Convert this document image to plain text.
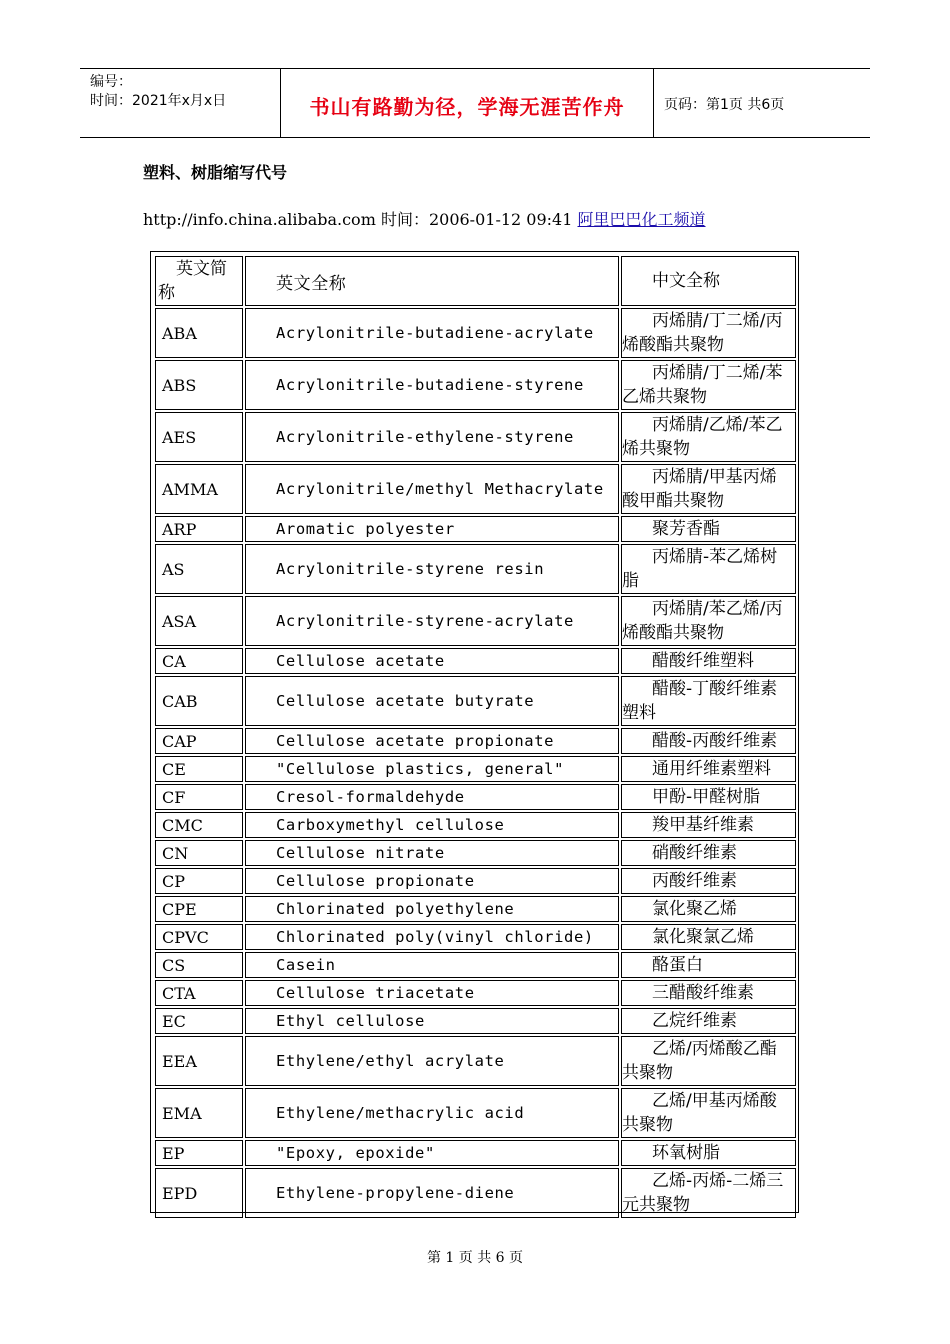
编号：
时间：2021年x月x日	书山有路勤为径，学海无涯苦作舟	页码：第1页 共6页
塑料、树脂缩写代号
http://info.china.alibaba.com 时间：2006-01-12 09:41 阿里巴巴化工频道
英文简称	英文全称	中文全称
ABA	Acrylonitrile-butadiene-acrylate	丙烯腈/丁二烯/丙烯酸酯共聚物
ABS	Acrylonitrile-butadiene-styrene	丙烯腈/丁二烯/苯乙烯共聚物
AES	Acrylonitrile-ethylene-styrene	丙烯腈/乙烯/苯乙烯共聚物
AMMA	Acrylonitrile/methyl Methacrylate	丙烯腈/甲基丙烯酸甲酯共聚物
ARP	Aromatic polyester	聚芳香酯
AS	Acrylonitrile-styrene resin	丙烯腈-苯乙烯树脂
ASA	Acrylonitrile-styrene-acrylate	丙烯腈/苯乙烯/丙烯酸酯共聚物
CA	Cellulose acetate	醋酸纤维塑料
CAB	Cellulose acetate butyrate	醋酸-丁酸纤维素塑料
CAP	Cellulose acetate propionate	醋酸-丙酸纤维素
CE	"Cellulose plastics, general"	通用纤维素塑料
CF	Cresol-formaldehyde	甲酚-甲醛树脂
CMC	Carboxymethyl cellulose	羧甲基纤维素
CN	Cellulose nitrate	硝酸纤维素
CP	Cellulose propionate	丙酸纤维素
CPE	Chlorinated polyethylene	氯化聚乙烯
CPVC	Chlorinated poly(vinyl chloride)	氯化聚氯乙烯
CS	Casein	酪蛋白
CTA	Cellulose triacetate	三醋酸纤维素
EC	Ethyl cellulose	乙烷纤维素
EEA	Ethylene/ethyl acrylate	乙烯/丙烯酸乙酯共聚物
EMA	Ethylene/methacrylic acid	乙烯/甲基丙烯酸共聚物
EP	"Epoxy, epoxide"	环氧树脂
EPD	Ethylene-propylene-diene	乙烯-丙烯-二烯三元共聚物
第 1 页 共 6 页
